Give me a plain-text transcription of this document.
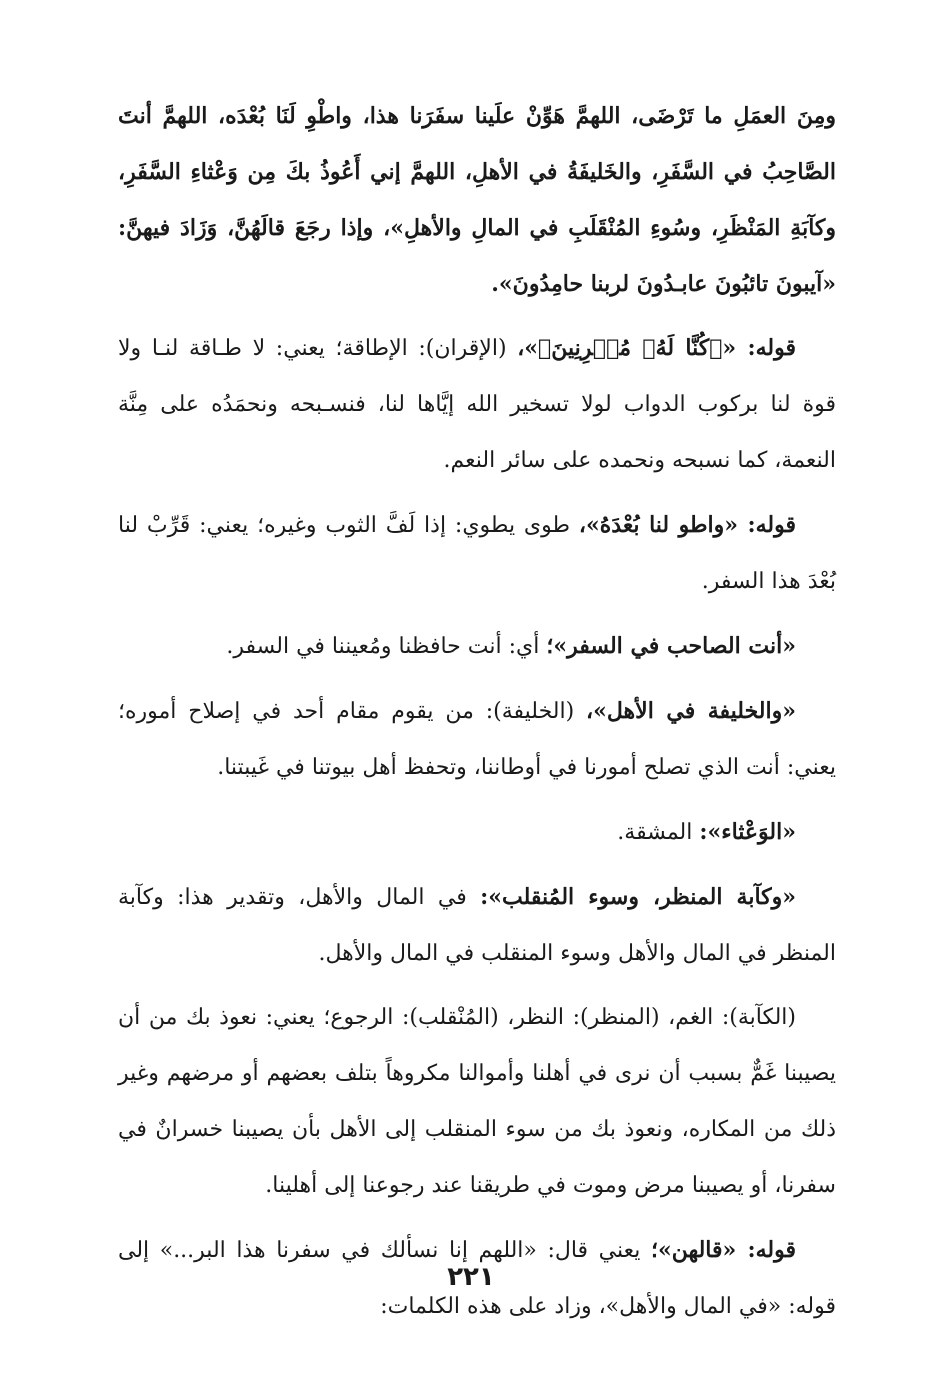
ومِنَ العمَلِ ما تَرْضَى، اللهمَّ هَوِّنْ علَينا سفَرَنا هذا، واطْوِ لَنَا بُعْدَه، اللهمَّ أنتَ الصَّاحِبُ في السَّفَرِ، والخَليفَةُ في الأهلِ، اللهمَّ إني أَعُوذُ بكَ مِن وَعْثاءِ السَّفَرِ، وكآبَةِ المَنْظَرِ، وسُوءِ المُنْقَلَبِ في المالِ والأهلِ»، وإذا رجَعَ قالَهُنَّ، وَزَادَ فيهنَّ: «آيبونَ تائبُونَ عابـدُونَ لربنا حامِدُونَ».

قوله: «﴿كُنَّا لَهُۥ مُقۡرِنِينَ﴾»، (الإقران): الإطاقة؛ يعني: لا طـاقة لنـا ولا قوة لنا بركوب الدواب لولا تسخير الله إيَّاها لنا، فنسـبحه ونحمَدُه على مِنَّة النعمة، كما نسبحه ونحمده على سائر النعم.

قوله: «واطو لنا بُعْدَهُ»، طوى يطوي: إذا لَفَّ الثوب وغيره؛ يعني: قَرِّبْ لنا بُعْدَ هذا السفر.

«أنت الصاحب في السفر»؛ أي: أنت حافظنا ومُعيننا في السفر.

«والخليفة في الأهل»، (الخليفة): من يقوم مقام أحد في إصلاح أموره؛ يعني: أنت الذي تصلح أمورنا في أوطاننا، وتحفظ أهل بيوتنا في غَيبتنا.

«الوَعْثاء»: المشقة.

«وكآبة المنظر، وسوء المُنقلب»: في المال والأهل، وتقدير هذا: وكآبة المنظر في المال والأهل وسوء المنقلب في المال والأهل.

(الكآبة): الغم، (المنظر): النظر، (المُنْقلب): الرجوع؛ يعني: نعوذ بك من أن يصيبنا غَمٌّ بسبب أن نرى في أهلنا وأموالنا مكروهاً بتلف بعضهم أو مرضهم وغير ذلك من المكاره، ونعوذ بك من سوء المنقلب إلى الأهل بأن يصيبنا خسرانٌ في سفرنا، أو يصيبنا مرض وموت في طريقنا عند رجوعنا إلى أهلينا.

قوله: «قالهن»؛ يعني قال: «اللهم إنا نسألك في سفرنا هذا البر...» إلى قوله: «في المال والأهل»، وزاد على هذه الكلمات:

٢٢١
